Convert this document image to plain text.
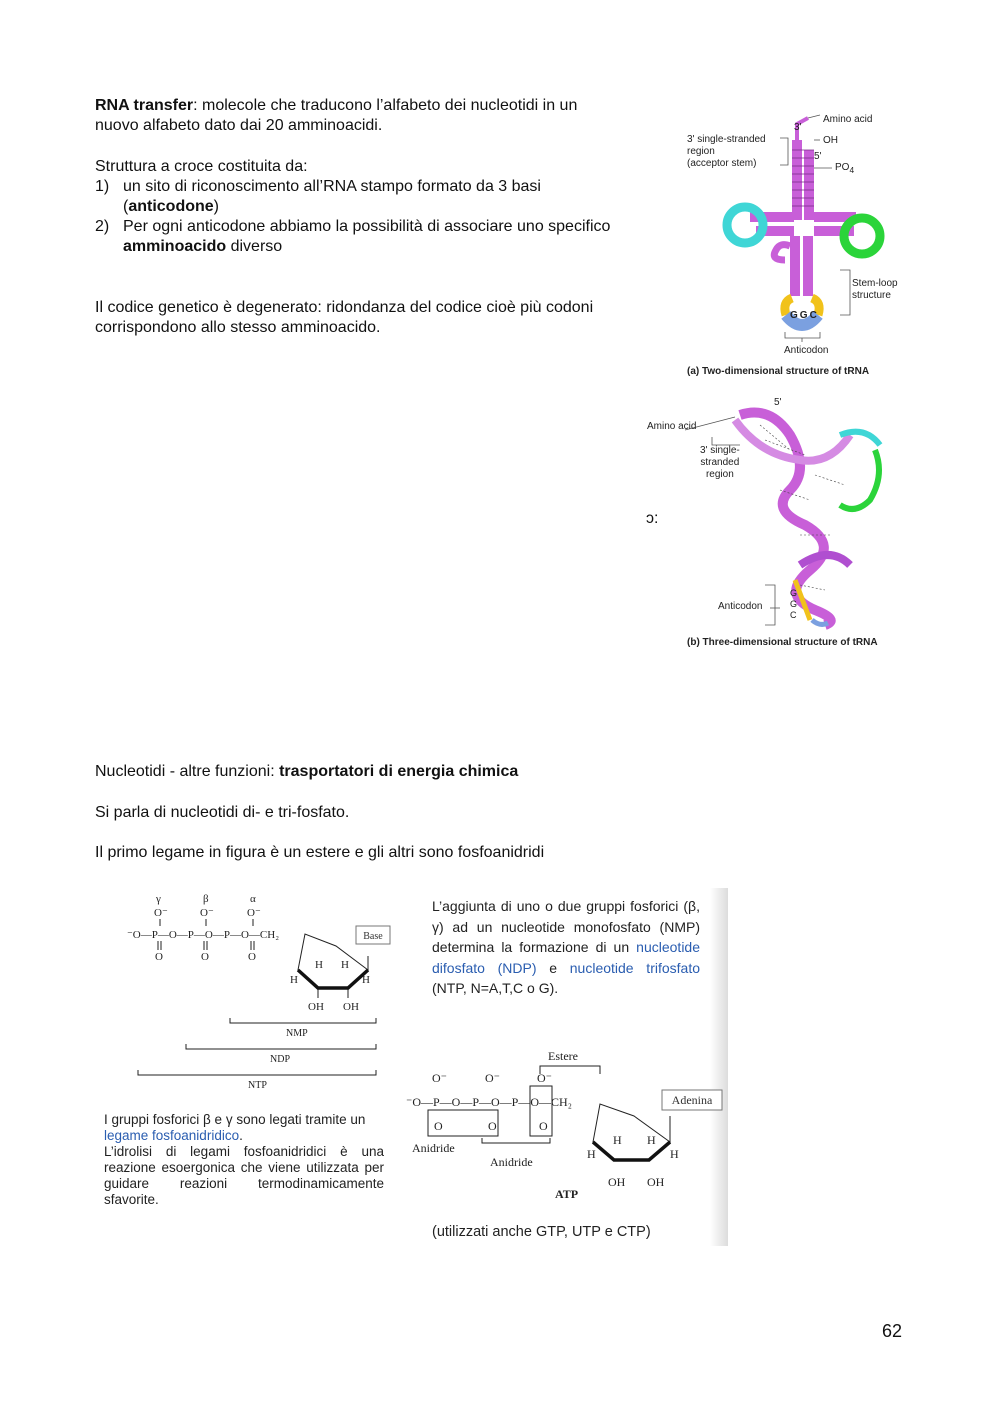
RNA transfer: molecole che traducono l’alfabeto dei nucleotidi in un nuovo alfabeto dato dai 20 amminoacidi.
Struttura a croce costituita da:
1) un sito di riconoscimento all’RNA stampo formato da 3 basi (anticodone)
2) Per ogni anticodone abbiamo la possibilità di associare uno specifico amminoacido diverso
Il codice genetico è degenerato: ridondanza del codice cioè più codoni corrispondono allo stesso amminoacido.
Amino acid
3'
OH
5'
$PO_4$
3' single-stranded
region
(acceptor stem)
Stem-loop
structure
GGC
Anticodon
(a) Two-dimensional structure of tRNA
5'
Amino acid
3' single-
stranded
region
ɔ:
Anticodon
G
G
C
(b) Three-dimensional structure of tRNA
Nucleotidi - altre funzioni: trasportatori di energia chimica
Si parla di nucleotidi di- e tri-fosfato.
Il primo legame in figura è un estere e gli altri sono fosfoanidridi
γ	β	α
O⁻	O⁻	O⁻
⁻O—P—O—P—O—P—O—CH₂
O	O	O
H H
H	H
OH OH
NMP
NDP
NTP
Base
I gruppi fosforici β e γ sono legati tramite un legame fosfoanidridico.
L’idrolisi di legami fosfoanidridici è una reazione esoergonica che viene utilizzata per guidare reazioni termodinamicamente sfavorite.
L’aggiunta di uno o due gruppi fosforici (β, γ) ad un nucleotide monofosfato (NMP) determina la formazione di un nucleotide difosfato (NDP) e nucleotide trifosfato (NTP, N=A,T,C o G).
Estere
O⁻	O⁻	O⁻
⁻O—P—O—P—O—P—O—CH₂
O	O	O
H H
H	H
OH OH
Anidride
Anidride
ATP
Adenina
(utilizzati anche GTP, UTP e CTP)
62
